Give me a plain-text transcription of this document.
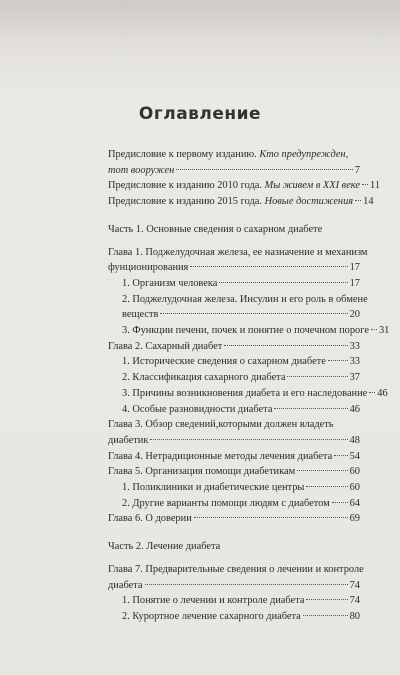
Оглавление
Предисловие к первому изданию. Кто предупрежден,
тот вооружен	7
Предисловие к изданию 2010 года. Мы живем в XXI веке 11
Предисловие к изданию 2015 года. Новые достижения 14
Часть 1. Основные сведения о сахарном диабете
Глава 1. Поджелудочная железа, ее назначение и механизм
фунционирования	17
1. Организм человека	17
2. Поджелудочная железа. Инсулин и его роль в обмене
веществ	20
3. Функции печени, почек и понятие о почечном пороге 31
Глава 2. Сахарный диабет	33
1. Исторические сведения о сахарном диабете 33
2. Классификация сахарного диабета	37
3. Причины возникновения диабета и его наследование 46
4. Особые разновидности диабета	46
Глава 3. Обзор сведений,которыми должен владеть
диабетик	48
Глава 4. Нетрадиционные методы лечения диабета 54
Глава 5. Организация помощи диабетикам	60
1. Поликлиники и диабетические центры	60
2. Другие варианты помощи людям с диабетом 64
Глава 6. О доверии	69
Часть 2. Лечение диабета
Глава 7. Предварительные сведения о лечении и контроле
диабета	74
1. Понятие о лечении и контроле диабета	74
2. Курортное лечение сахарного диабета	80
